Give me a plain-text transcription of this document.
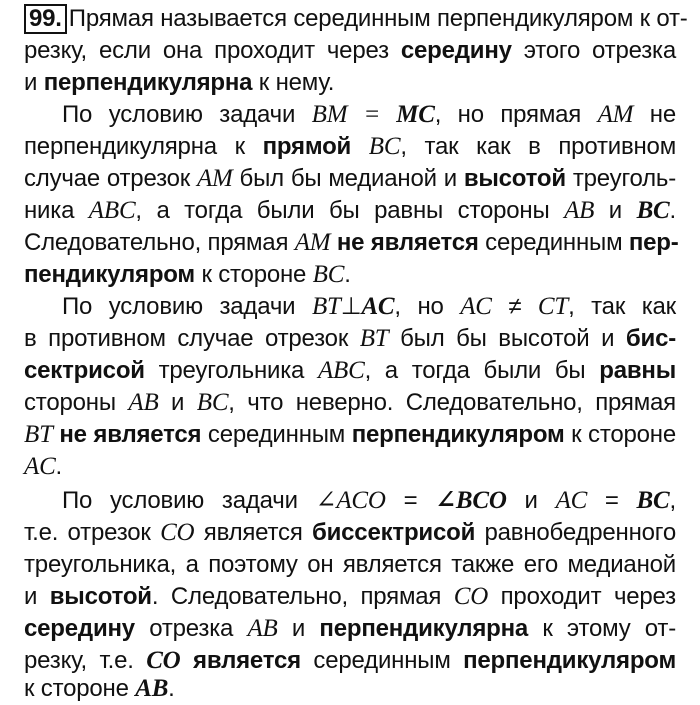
99. Прямая называется серединным перпендикуляром к от-
резку, если она проходит через середину этого отрезка
и перпендикулярна к нему.
По условию задачи BM = MC, но прямая AM не
перпендикулярна к прямой BC, так как в противном
случае отрезок AM был бы медианой и высотой треуголь-
ника ABC, а тогда были бы равны стороны AB и BC.
Следовательно, прямая AM не является серединным пер-
пендикуляром к стороне BC.
По условию задачи BT⊥AC, но AC ≠ CT, так как
в противном случае отрезок BT был бы высотой и бис-
сектрисой треугольника ABC, а тогда были бы равны
стороны AB и BC, что неверно. Следовательно, прямая
BT не является серединным перпендикуляром к стороне
AC.
По условию задачи ∠ACO = ∠BCO и AC = BC,
т.е. отрезок CO является биссектрисой равнобедренного
треугольника, а поэтому он является также его медианой
и высотой. Следовательно, прямая CO проходит через
середину отрезка AB и перпендикулярна к этому от-
резку, т.е. CO является серединным перпендикуляром
к стороне AB.
